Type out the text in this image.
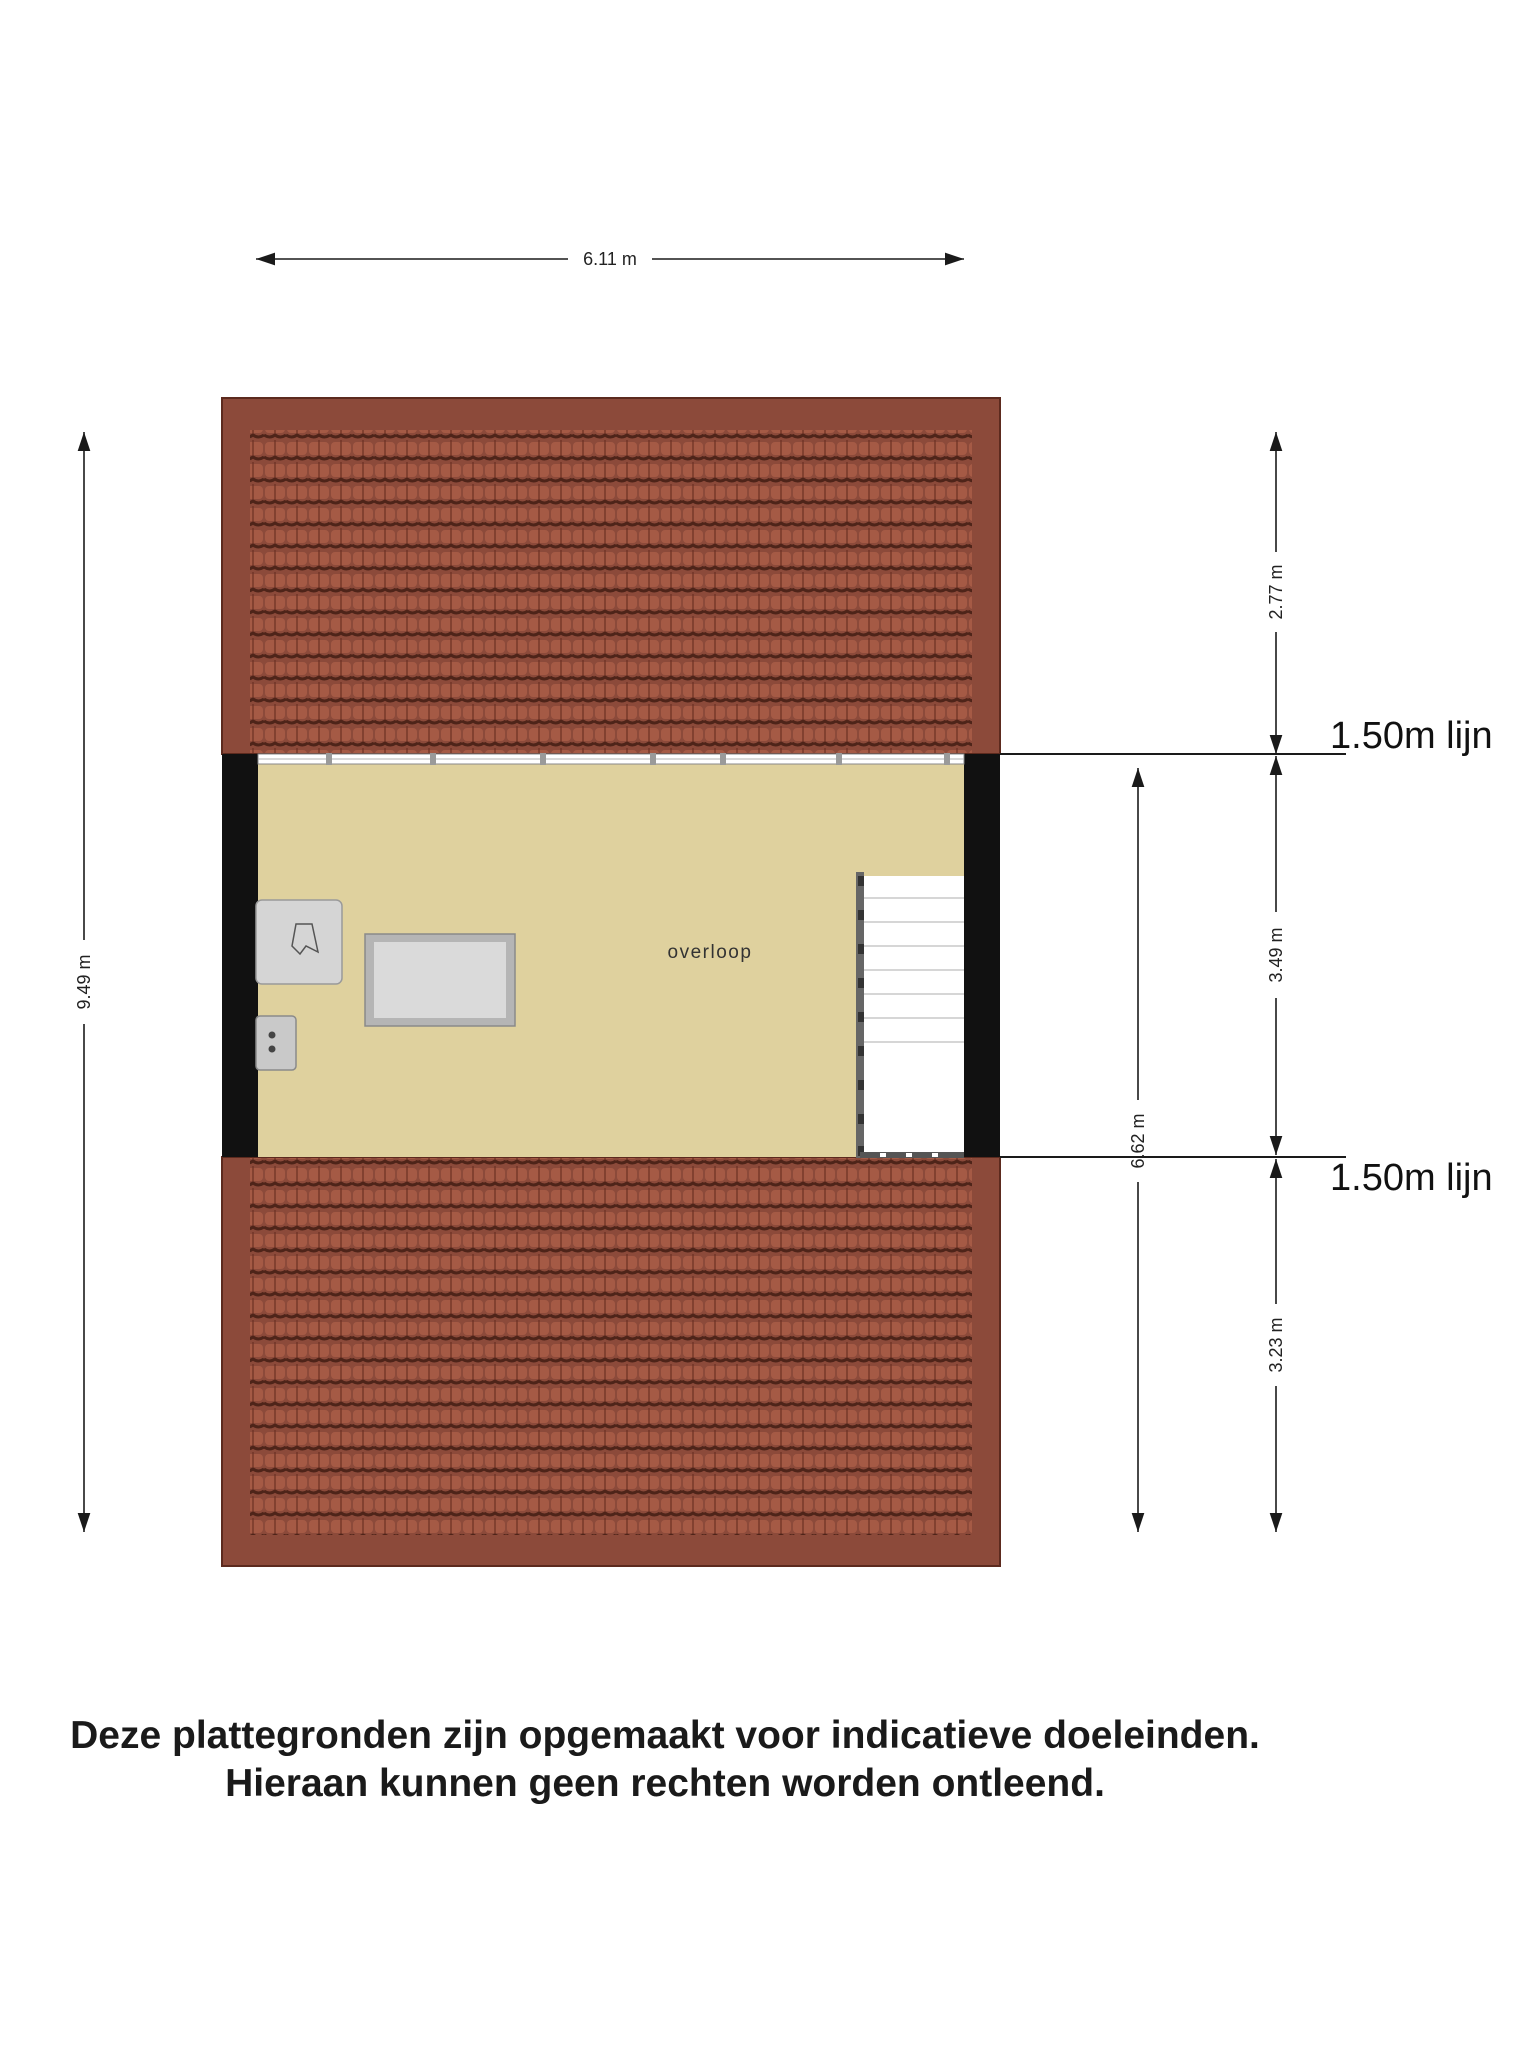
overloop
1.50m lijn
1.50m lijn
6.11 m
9.49 m
2.77 m
3.49 m
3.23 m
6.62 m
Deze plattegronden zijn opgemaakt voor indicatieve doeleinden.
Hieraan kunnen geen rechten worden ontleend.
